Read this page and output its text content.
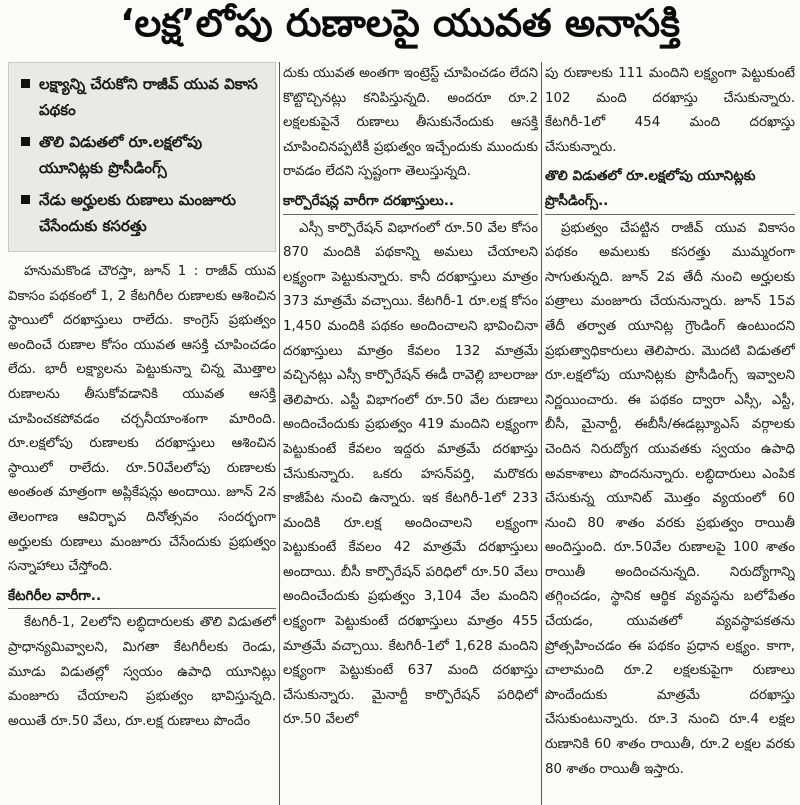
‘లక్ష’లోపు రుణాలపై యువత అనాసక్తి
లక్ష్యాన్ని చేరుకోని రాజీవ్ యువ వికాస పథకం
తొలి విడుతలో రూ.లక్షలోపు యూనిట్లకు ప్రొసీడింగ్స్
నేడు అర్హులకు రుణాలు మంజూరు చేసేందుకు కసరత్తు

హనుమకొండ చౌరస్తా, జూన్ 1 : రాజీవ్ యువ వికాసం పథకంలో 1, 2 కేటగిరీల రుణాలకు ఆశించిన స్థాయిలో దరఖాస్తులు రాలేదు. కాంగ్రెస్ ప్రభుత్వం అందించే రుణాల కోసం యువత ఆసక్తి చూపించడం లేదు. భారీ లక్ష్యాలను పెట్టుకున్నా చిన్న మొత్తాల రుణాలను తీసుకోవడానికి యువత ఆసక్తి చూపించకపోవడం చర్చనీయాంశంగా మారింది. రూ.లక్షలోపు రుణాలకు దరఖాస్తులు ఆశించిన స్థాయిలో రాలేదు. రూ.50వేలలోపు రుణాలకు అంతంత మాత్రంగా అప్లికేషన్లు అందాయి. జూన్ 2న తెలంగాణ ఆవిర్భావ దినోత్సవం సందర్భంగా అర్హులకు రుణాలు మంజూరు చేసేందుకు ప్రభుత్వం సన్నాహాలు చేస్తోంది.

కేటగిరీల వారీగా..

కేటగిరీ-1, 2లలోని లబ్ధిదారులకు తొలి విడుతలో ప్రాధాన్యమివ్వాలని, మిగతా కేటగిరీలకు రెండు, మూడు విడుతల్లో స్వయం ఉపాధి యూనిట్లు మంజూరు చేయాలని ప్రభుత్వం భావిస్తున్నది. అయితే రూ.50 వేలు, రూ.లక్ష రుణాలు పొందేం

దుకు యువత అంతగా ఇంట్రెస్ట్ చూపించడం లేదని కొట్టొచ్చినట్లు కనిపిస్తున్నది. అందరూ రూ.2 లక్షలకుపైనే రుణాలు తీసుకునేందుకు ఆసక్తి చూపించినప్పటికీ ప్రభుత్వం ఇచ్చేందుకు ముందుకు రావడం లేదని స్పష్టంగా తెలుస్తున్నది.

కార్పొరేషన్ల వారీగా దరఖాస్తులు..

ఎస్సీ కార్పొరేషన్ విభాగంలో రూ.50 వేల కోసం 870 మందికి పథకాన్ని అమలు చేయాలని లక్ష్యంగా పెట్టుకున్నారు. కానీ దరఖాస్తులు మాత్రం 373 మాత్రమే వచ్చాయి. కేటగిరీ-1 రూ.లక్ష కోసం 1,450 మందికి పథకం అందించాలని భావించినా దరఖాస్తులు మాత్రం కేవలం 132 మాత్రమే వచ్చినట్లు ఎస్సీ కార్పొరేషన్ ఈడీ రావెల్లి బాలరాజు తెలిపారు. ఎస్టీ విభాగంలో రూ.50 వేల రుణాలు అందించేందుకు ప్రభుత్వం 419 మందిని లక్ష్యంగా పెట్టుకుంటే కేవలం ఇద్దరు మాత్రమే దరఖాస్తు చేసుకున్నారు. ఒకరు హసన్‌పర్తి, మరొకరు కాజీపేట నుంచి ఉన్నారు. ఇక కేటగిరీ-1లో 233 మందికి రూ.లక్ష అందించాలని లక్ష్యంగా పెట్టుకుంటే కేవలం 42 మాత్రమే దరఖాస్తులు అందాయి. బీసీ కార్పొరేషన్ పరిధిలో రూ.50 వేలు అందించేందుకు ప్రభుత్వం 3,104 వేల మందిని లక్ష్యంగా పెట్టుకుంటే దరఖాస్తులు మాత్రం 455 మాత్రమే వచ్చాయి. కేటగిరీ-1లో 1,628 మందిని లక్ష్యంగా పెట్టుకుంటే 637 మంది దరఖాస్తు చేసుకున్నారు. మైనార్టీ కార్పొరేషన్ పరిధిలో రూ.50 వేలలో

పు రుణాలకు 111 మందిని లక్ష్యంగా పెట్టుకుంటే 102 మంది దరఖాస్తు చేసుకున్నారు. కేటగిరీ-1లో 454 మంది దరఖాస్తు చేసుకున్నారు.

తొలి విడుతలో రూ.లక్షలోపు యూనిట్లకు ప్రొసీడింగ్స్..

ప్రభుత్వం చేపట్టిన రాజీవ్ యువ వికాసం పథకం అమలుకు కసరత్తు ముమ్మరంగా సాగుతున్నది. జూన్ 2వ తేదీ నుంచి అర్హులకు పత్రాలు మంజూరు చేయనున్నారు. జూన్ 15వ తేదీ తర్వాత యూనిట్ల గ్రౌండింగ్ ఉంటుందని ప్రభుత్వాధికారులు తెలిపారు. మొదటి విడుతలో రూ.లక్షలోపు యూనిట్లకు ప్రొసీడింగ్స్ ఇవ్వాలని నిర్ణయించారు. ఈ పథకం ద్వారా ఎస్సీ, ఎస్టీ, బీసీ, మైనార్టీ, ఈబీసీ/ఈడబ్ల్యూఎస్ వర్గాలకు చెందిన నిరుద్యోగ యువతకు స్వయం ఉపాధి అవకాశాలు పొందనున్నారు. లబ్ధిదారులు ఎంపిక చేసుకున్న యూనిట్ మొత్తం వ్యయంలో 60 నుంచి 80 శాతం వరకు ప్రభుత్వం రాయితీ అందిస్తుంది. రూ.50వేల రుణాలపై 100 శాతం రాయితీ అందించనున్నది. నిరుద్యోగాన్ని తగ్గించడం, స్థానిక ఆర్థిక వ్యవస్థను బలోపేతం చేయడం, యువతలో వ్యవస్థాపకతను ప్రోత్సహించడం ఈ పథకం ప్రధాన లక్ష్యం. కాగా, చాలామంది రూ.2 లక్షలకుపైగా రుణాలు పొందేందుకు మాత్రమే దరఖాస్తు చేసుకుంటున్నారు. రూ.3 నుంచి రూ.4 లక్షల రుణానికి 60 శాతం రాయితీ, రూ.2 లక్షల వరకు 80 శాతం రాయితీ ఇస్తారు.
